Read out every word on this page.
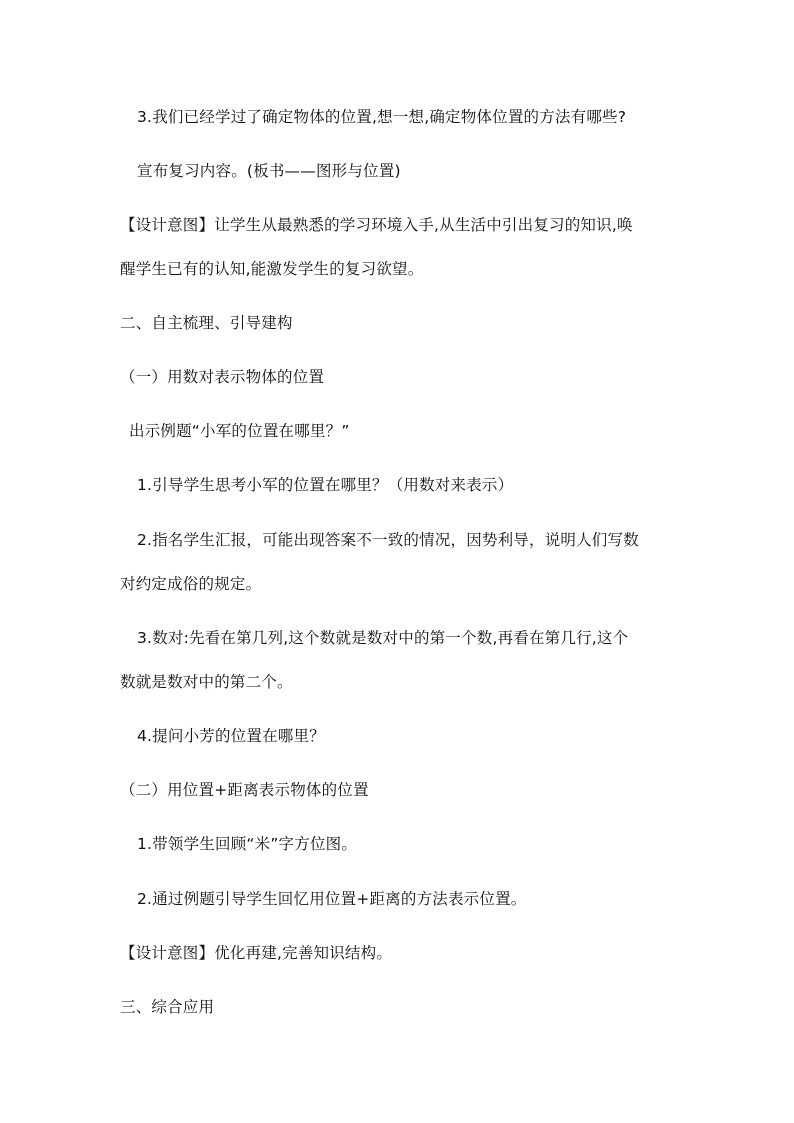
3.我们已经学过了确定物体的位置,想一想,确定物体位置的方法有哪些?
宣布复习内容。(板书——图形与位置)
【设计意图】让学生从最熟悉的学习环境入手,从生活中引出复习的知识,唤
醒学生已有的认知,能激发学生的复习欲望。
二、自主梳理、引导建构
（一）用数对表示物体的位置
出示例题“小军的位置在哪里？”
1.引导学生思考小军的位置在哪里？（用数对来表示）
2.指名学生汇报，可能出现答案不一致的情况，因势利导，说明人们写数
对约定成俗的规定。
3.数对:先看在第几列,这个数就是数对中的第一个数,再看在第几行,这个
数就是数对中的第二个。
4.提问小芳的位置在哪里？
（二）用位置+距离表示物体的位置
1.带领学生回顾“米”字方位图。
2.通过例题引导学生回忆用位置+距离的方法表示位置。
【设计意图】优化再建,完善知识结构。
三、综合应用
